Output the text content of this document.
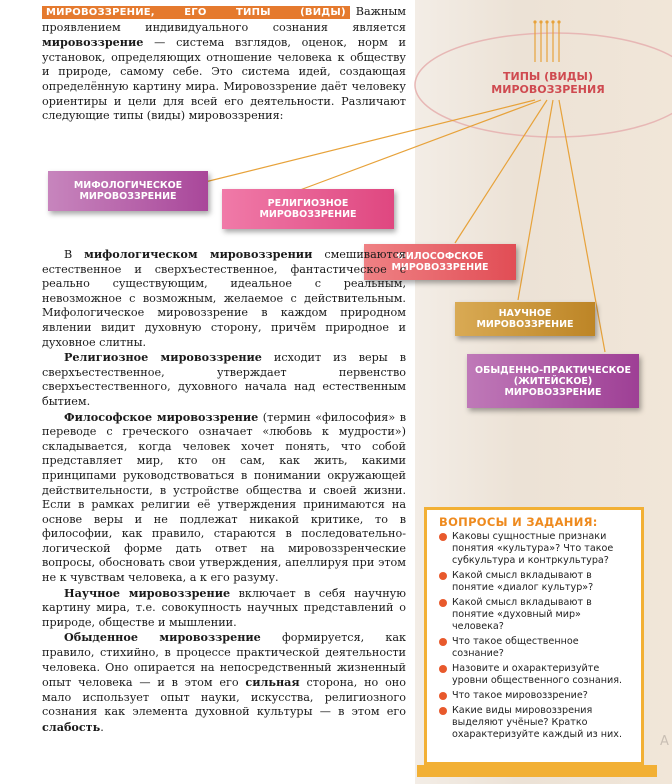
МИРОВОЗЗРЕНИЕ, ЕГО ТИПЫ (ВИДЫ) Важным проявлением индивидуального сознания является мировоззрение — система взглядов, оценок, норм и установок, определяющих отношение человека к обществу и природе, самому себе. Это система идей, создающая определённую картину мира. Мировоззрение даёт человеку ориентиры и цели для всей его деятельности. Различают следующие типы (виды) мировоззрения:
ТИПЫ (ВИДЫ) МИРОВОЗЗРЕНИЯ
МИФОЛОГИЧЕСКОЕ МИРОВОЗЗРЕНИЕ
РЕЛИГИОЗНОЕ МИРОВОЗЗРЕНИЕ
ФИЛОСОФСКОЕ МИРОВОЗЗРЕНИЕ
НАУЧНОЕ МИРОВОЗЗРЕНИЕ
ОБЫДЕННО-ПРАКТИЧЕСКОЕ (ЖИТЕЙСКОЕ) МИРОВОЗЗРЕНИЕ

В мифологическом мировоззрении смешиваются естественное и сверхъестественное, фантастическое с реально существующим, идеальное с реальным, невозможное с возможным, желаемое с действительным. Мифологическое мировоззрение в каждом природном явлении видит духовную сторону, причём природное и духовное слитны.

Религиозное мировоззрение исходит из веры в сверхъестественное, утверждает первенство сверхъестественного, духовного начала над естественным бытием.

Философское мировоззрение (термин «философия» в переводе с греческого означает «любовь к мудрости») складывается, когда человек хочет понять, что собой представляет мир, кто он сам, как жить, какими принципами руководствоваться в понимании окружающей действительности, в устройстве общества и своей жизни. Если в рамках религии её утверждения принимаются на основе веры и не подлежат никакой критике, то в философии, как правило, стараются в последовательно-логической форме дать ответ на мировоззренческие вопросы, обосновать свои утверждения, апеллируя при этом не к чувствам человека, а к его разуму.

Научное мировоззрение включает в себя научную картину мира, т.е. совокупность научных представлений о природе, обществе и мышлении.

Обыденное мировоззрение формируется, как правило, стихийно, в процессе практической деятельности человека. Оно опирается на непосредственный жизненный опыт человека — и в этом его сильная сторона, но оно мало использует опыт науки, искусства, религиозного сознания как элемента духовной культуры — в этом его слабость.

ВОПРОСЫ И ЗАДАНИЯ:
Каковы сущностные признаки понятия «культура»? Что такое субкультура и контркультура?
Какой смысл вкладывают в понятие «диалог культур»?
Какой смысл вкладывают в понятие «духовный мир» человека?
Что такое общественное сознание?
Назовите и охарактеризуйте уровни общественного сознания.
Что такое мировоззрение?
Какие виды мировоззрения выделяют учёные? Кратко охарактеризуйте каждый из них.	A
